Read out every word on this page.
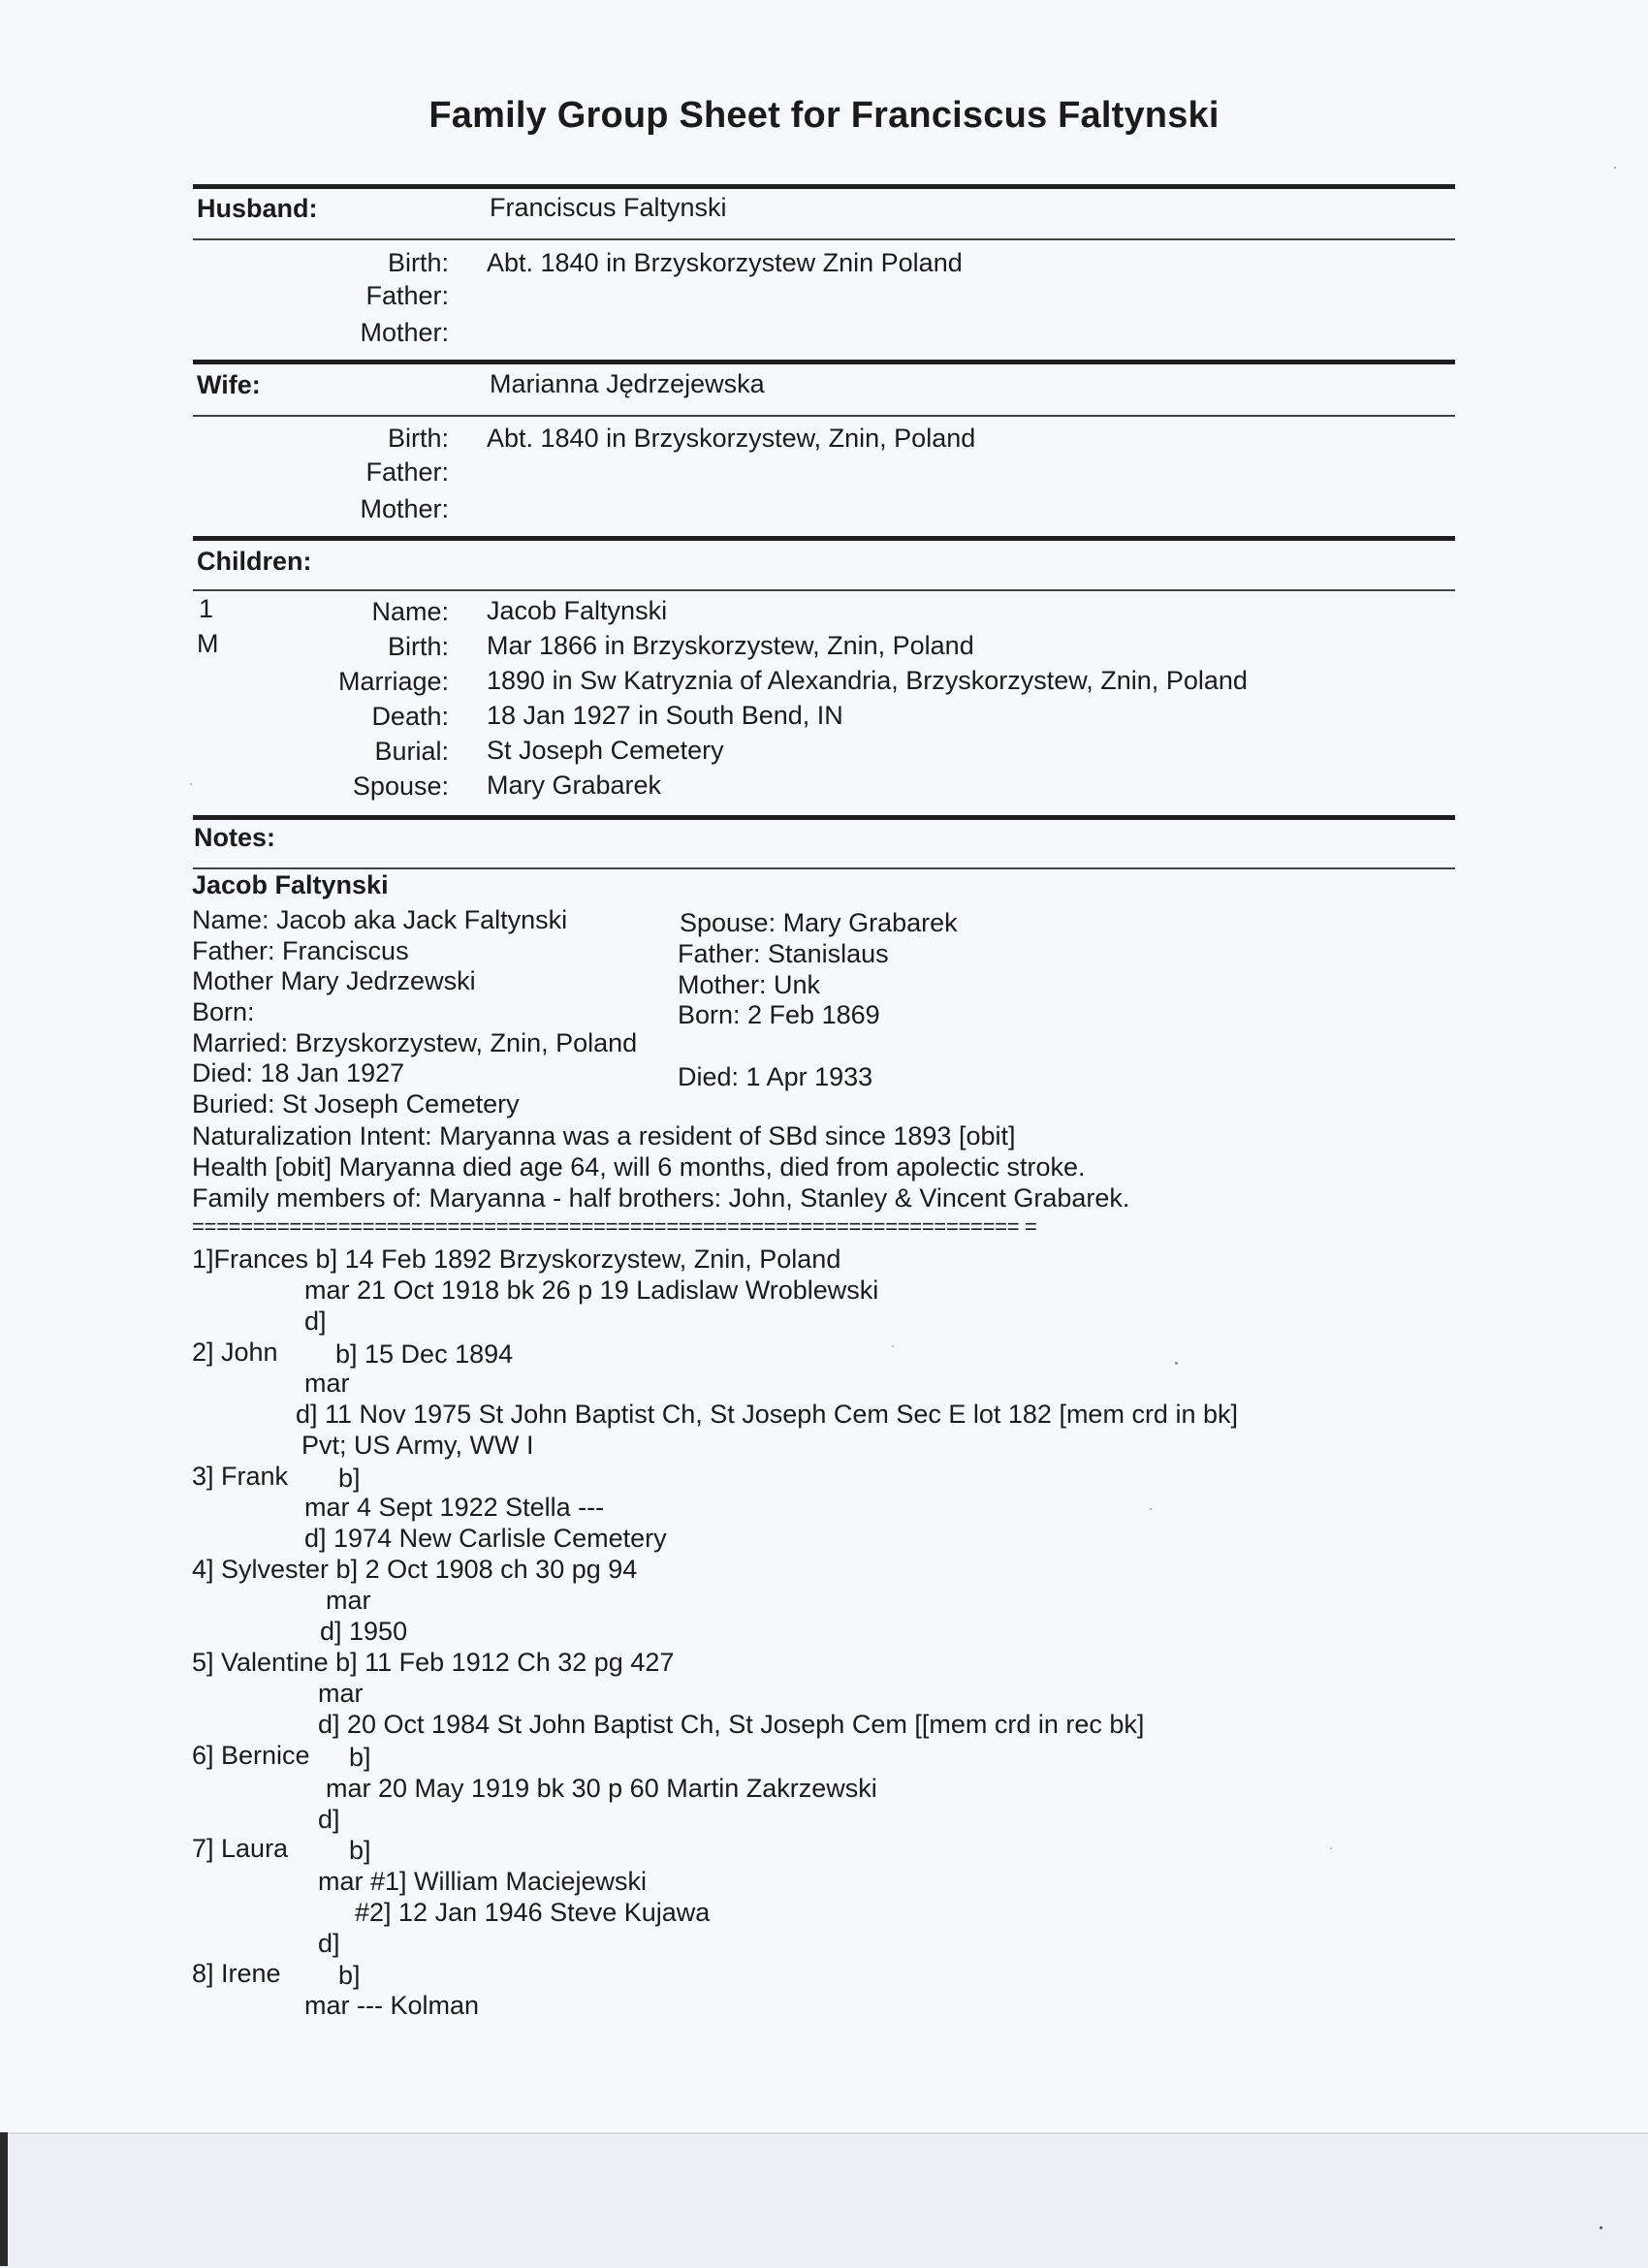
Family Group Sheet for Franciscus Faltynski
Husband:	Franciscus Faltynski
Birth: Abt. 1840 in Brzyskorzystew Znin Poland
Father:
Mother:
Wife:	Marianna Jędrzejewska
Birth: Abt. 1840 in Brzyskorzystew, Znin, Poland
Father:
Mother:
Children:
1
M
Name: Jacob Faltynski
Birth: Mar 1866 in Brzyskorzystew, Znin, Poland
Marriage: 1890 in Sw Katryznia of Alexandria, Brzyskorzystew, Znin, Poland
Death: 18 Jan 1927 in South Bend, IN
Burial: St Joseph Cemetery
Spouse: Mary Grabarek
Notes:
Jacob Faltynski
Name: Jacob aka Jack Faltynski
Father: Franciscus
Mother Mary Jedrzewski
Born:
Married: Brzyskorzystew, Znin, Poland
Died: 18 Jan 1927
Buried: St Joseph Cemetery
Spouse: Mary Grabarek
Father: Stanislaus
Mother: Unk
Born: 2 Feb 1869
Died: 1 Apr 1933
Naturalization Intent: Maryanna was a resident of SBd since 1893 [obit]
Health [obit] Maryanna died age 64, will 6 months, died from apolectic stroke.
Family members of: Maryanna - half brothers: John, Stanley & Vincent Grabarek.
==================================================================== =
1]Frances b] 14 Feb 1892 Brzyskorzystew, Znin, Poland
mar 21 Oct 1918 bk 26 p 19 Ladislaw Wroblewski
d]
2] John b] 15 Dec 1894
mar
d] 11 Nov 1975 St John Baptist Ch, St Joseph Cem Sec E lot 182 [mem crd in bk]
Pvt; US Army, WW I
3] Frank b]
mar 4 Sept 1922 Stella ---
d] 1974 New Carlisle Cemetery
4] Sylvester b] 2 Oct 1908 ch 30 pg 94
mar
d] 1950
5] Valentine b] 11 Feb 1912 Ch 32 pg 427
mar
d] 20 Oct 1984 St John Baptist Ch, St Joseph Cem [[mem crd in rec bk]
6] Bernice b]
mar 20 May 1919 bk 30 p 60 Martin Zakrzewski
d]
7] Laura b]
mar #1] William Maciejewski
#2] 12 Jan 1946 Steve Kujawa
d]
8] Irene b]
mar --- Kolman
